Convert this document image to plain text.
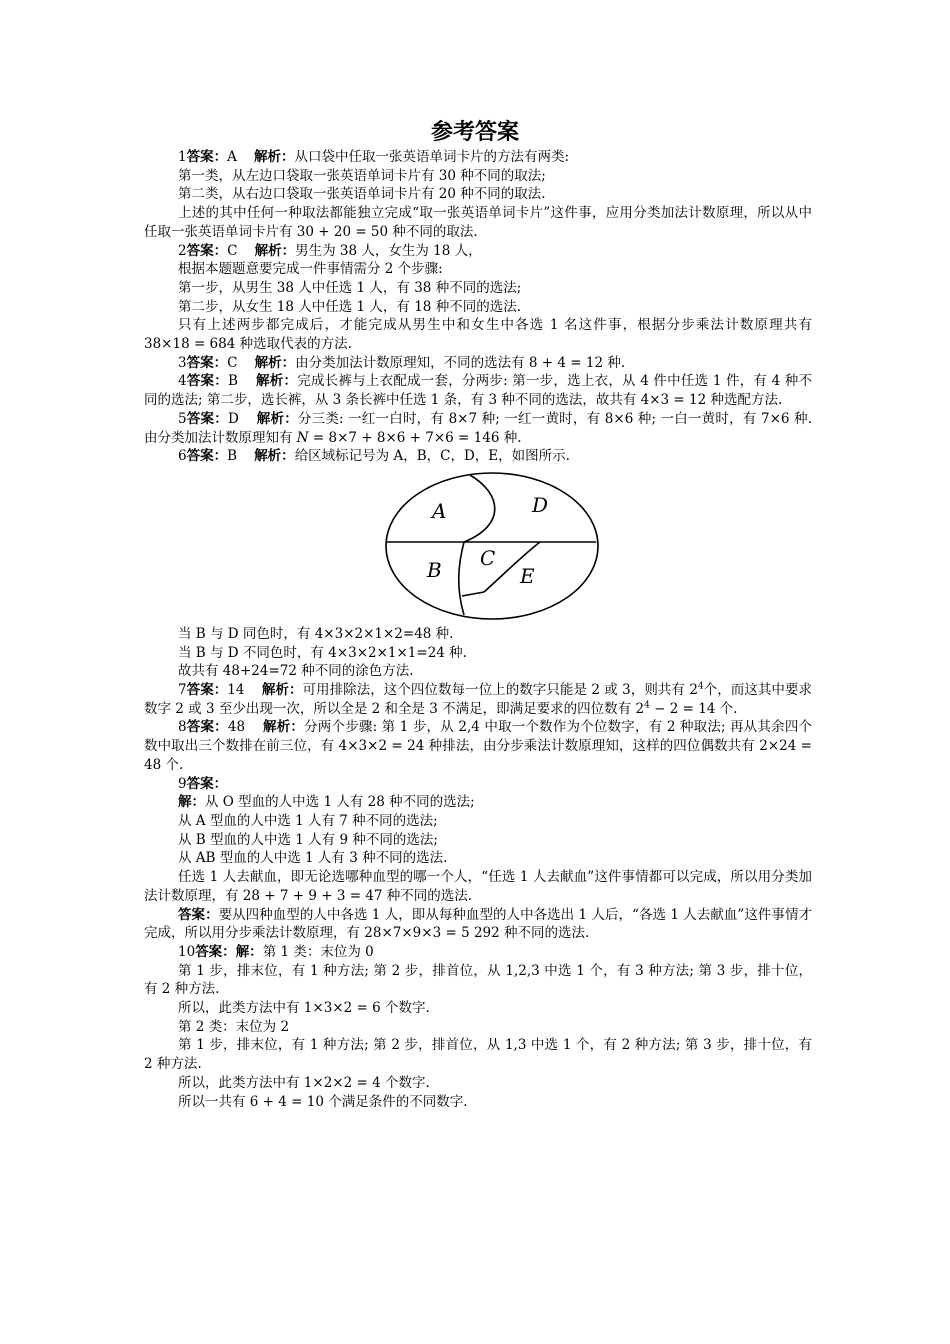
参考答案

1答案：A 解析：从口袋中任取一张英语单词卡片的方法有两类:

第一类，从左边口袋取一张英语单词卡片有 30 种不同的取法;

第二类，从右边口袋取一张英语单词卡片有 20 种不同的取法.

上述的其中任何一种取法都能独立完成“取一张英语单词卡片”这件事，应用分类加法计数原理，所以从中任取一张英语单词卡片有 30 + 20 = 50 种不同的取法.

2答案：C 解析：男生为 38 人，女生为 18 人，

根据本题题意要完成一件事情需分 2 个步骤:

第一步，从男生 38 人中任选 1 人，有 38 种不同的选法;

第二步，从女生 18 人中任选 1 人，有 18 种不同的选法.

只有上述两步都完成后，才能完成从男生中和女生中各选 1 名这件事，根据分步乘法计数原理共有 38×18 = 684 种选取代表的方法.

3答案：C 解析：由分类加法计数原理知，不同的选法有 8 + 4 = 12 种.

4答案：B 解析：完成长裤与上衣配成一套，分两步: 第一步，选上衣，从 4 件中任选 1 件，有 4 种不同的选法; 第二步，选长裤，从 3 条长裤中任选 1 条，有 3 种不同的选法，故共有 4×3 = 12 种选配方法.

5答案：D 解析：分三类: 一红一白时，有 8×7 种; 一红一黄时，有 8×6 种; 一白一黄时，有 7×6 种. 由分类加法计数原理知有 N = 8×7 + 8×6 + 7×6 = 146 种.

6答案：B 解析：给区域标记号为 A，B，C，D，E，如图所示.

A
B C
D
E

当 B 与 D 同色时，有 4×3×2×1×2=48 种.

当 B 与 D 不同色时，有 4×3×2×1×1=24 种.

故共有 48+24=72 种不同的涂色方法.

7答案：14 解析：可用排除法，这个四位数每一位上的数字只能是 2 或 3，则共有 $2^4$个，而这其中要求数字 2 或 3 至少出现一次，所以全是 2 和全是 3 不满足，即满足要求的四位数有 $2^4 - 2 = 14$ 个.

8答案：48 解析：分两个步骤: 第 1 步，从 2,4 中取一个数作为个位数字，有 2 种取法; 再从其余四个数中取出三个数排在前三位，有 4×3×2 = 24 种排法，由分步乘法计数原理知，这样的四位偶数共有 2×24 = 48 个.

9答案：

解：从 O 型血的人中选 1 人有 28 种不同的选法;

从 A 型血的人中选 1 人有 7 种不同的选法;

从 B 型血的人中选 1 人有 9 种不同的选法;

从 AB 型血的人中选 1 人有 3 种不同的选法.

任选 1 人去献血，即无论选哪种血型的哪一个人，“任选 1 人去献血”这件事情都可以完成，所以用分类加法计数原理，有 28 + 7 + 9 + 3 = 47 种不同的选法.

答案：要从四种血型的人中各选 1 人，即从每种血型的人中各选出 1 人后，“各选 1 人去献血”这件事情才完成，所以用分步乘法计数原理，有 28×7×9×3 = 5 292 种不同的选法.

10答案：解：第 1 类：末位为 0

第 1 步，排末位，有 1 种方法; 第 2 步，排首位，从 1,2,3 中选 1 个，有 3 种方法; 第 3 步，排十位，有 2 种方法.

所以，此类方法中有 1×3×2 = 6 个数字.

第 2 类：末位为 2

第 1 步，排末位，有 1 种方法; 第 2 步，排首位，从 1,3 中选 1 个，有 2 种方法; 第 3 步，排十位，有 2 种方法.

所以，此类方法中有 1×2×2 = 4 个数字.

所以一共有 6 + 4 = 10 个满足条件的不同数字.
